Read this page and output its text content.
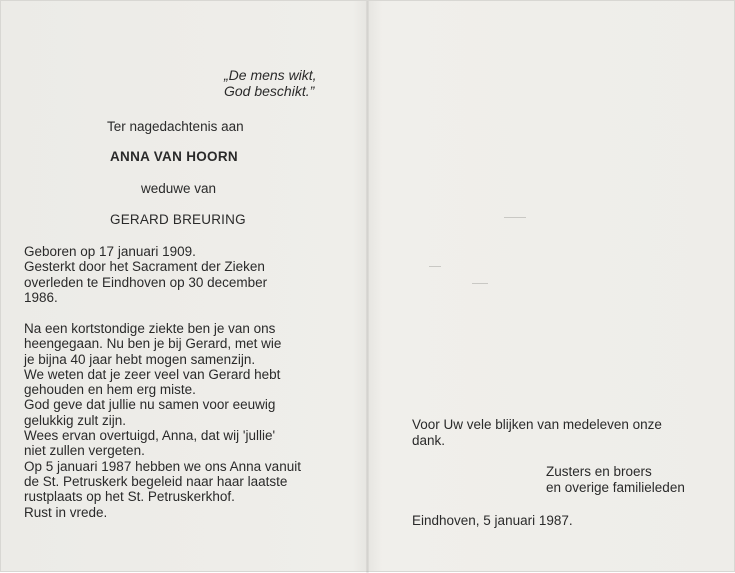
„De mens wikt,
God beschikt.”
Ter nagedachtenis aan
ANNA VAN HOORN
weduwe van
GERARD BREURING
Geboren op 17 januari 1909.
Gesterkt door het Sacrament der Zieken
overleden te Eindhoven op 30 december
1986.
Na een kortstondige ziekte ben je van ons
heengegaan. Nu ben je bij Gerard, met wie
je bijna 40 jaar hebt mogen samenzijn.
We weten dat je zeer veel van Gerard hebt
gehouden en hem erg miste.
God geve dat jullie nu samen voor eeuwig
gelukkig zult zijn.
Wees ervan overtuigd, Anna, dat wij 'jullie'
niet zullen vergeten.
Op 5 januari 1987 hebben we ons Anna vanuit
de St. Petruskerk begeleid naar haar laatste
rustplaats op het St. Petruskerkhof.
Rust in vrede.
Voor Uw vele blijken van medeleven onze
dank.
Zusters en broers
en overige familieleden
Eindhoven, 5 januari 1987.
